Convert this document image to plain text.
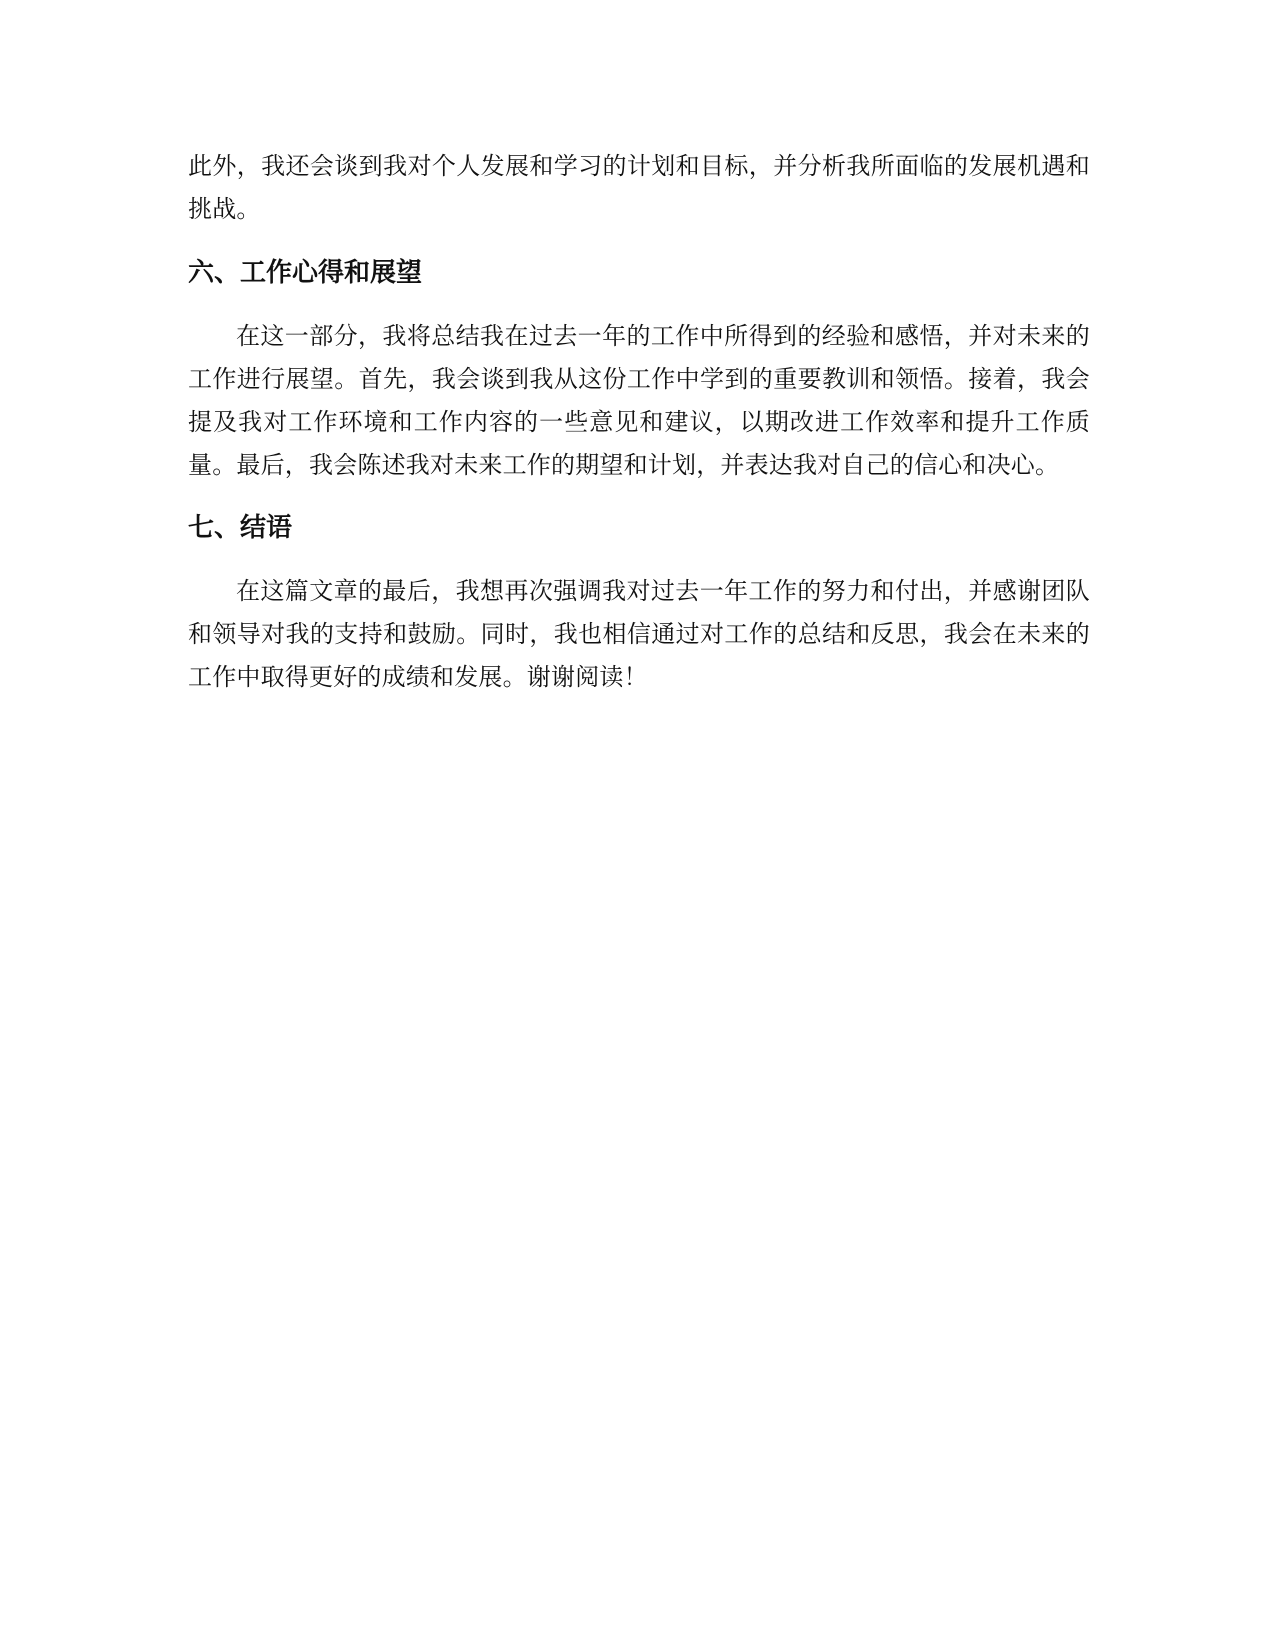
此外，我还会谈到我对个人发展和学习的计划和目标，并分析我所面临的发展机遇和挑战。

六、工作心得和展望

在这一部分，我将总结我在过去一年的工作中所得到的经验和感悟，并对未来的工作进行展望。首先，我会谈到我从这份工作中学到的重要教训和领悟。接着，我会提及我对工作环境和工作内容的一些意见和建议，以期改进工作效率和提升工作质量。最后，我会陈述我对未来工作的期望和计划，并表达我对自己的信心和决心。

七、结语

在这篇文章的最后，我想再次强调我对过去一年工作的努力和付出，并感谢团队和领导对我的支持和鼓励。同时，我也相信通过对工作的总结和反思，我会在未来的工作中取得更好的成绩和发展。谢谢阅读！
